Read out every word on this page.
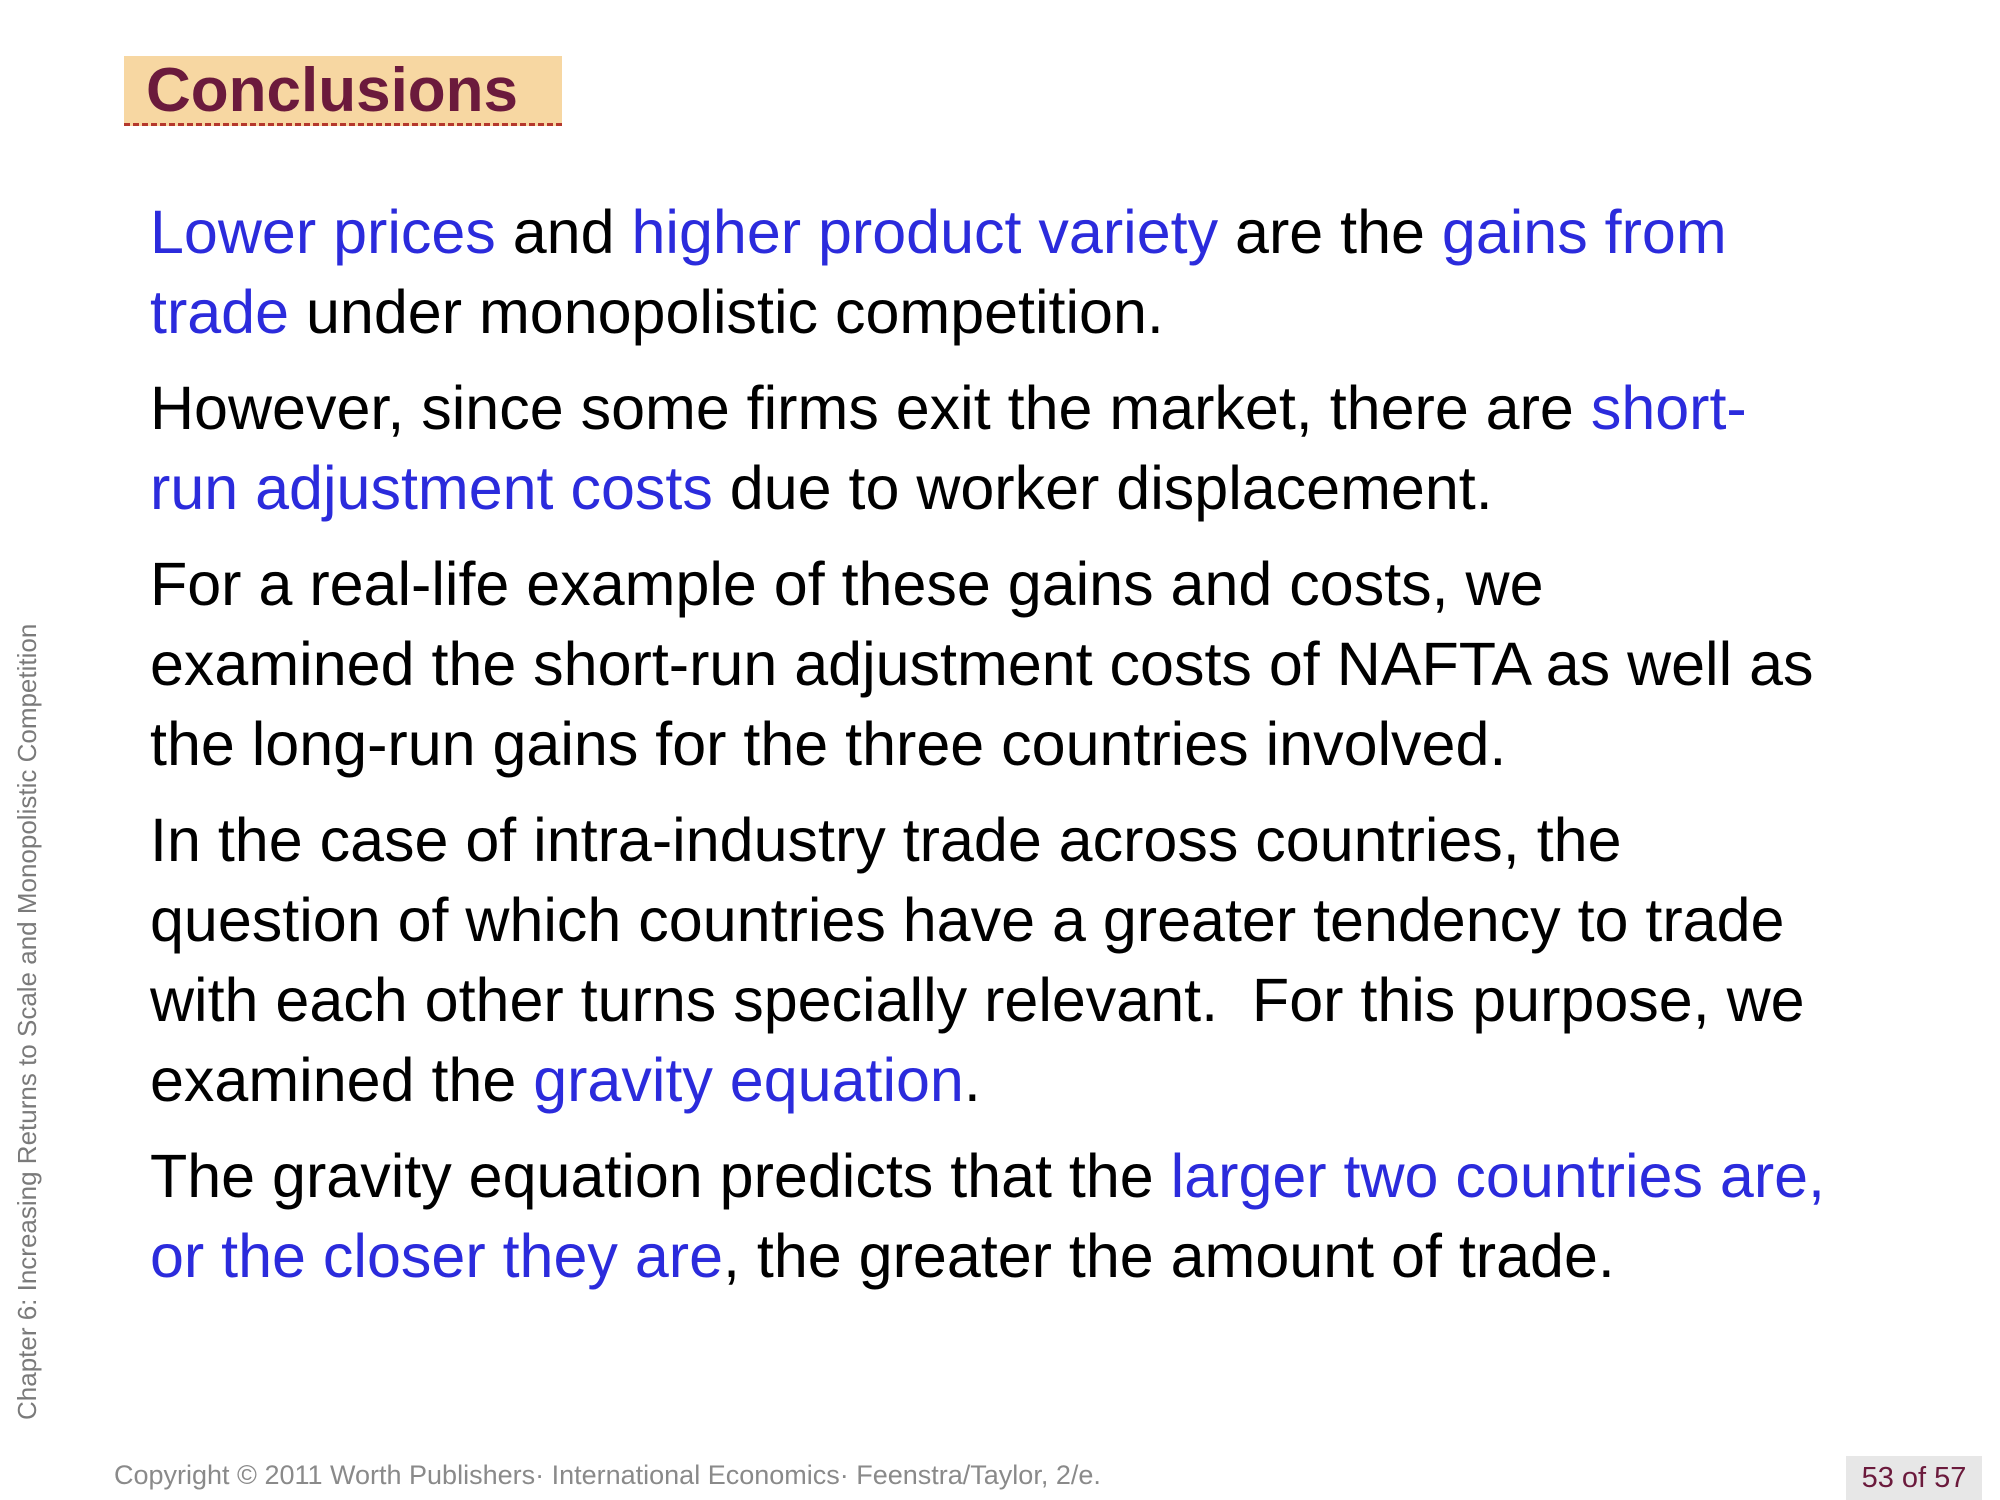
Conclusions
Chapter 6: Increasing Returns to Scale and Monopolistic Competition
Lower prices and higher product variety are the gains from
trade under monopolistic competition.
However, since some firms exit the market, there are short-
run adjustment costs due to worker displacement.
For a real-life example of these gains and costs, we
examined the short-run adjustment costs of NAFTA as well as
the long-run gains for the three countries involved.
In the case of intra-industry trade across countries, the
question of which countries have a greater tendency to trade
with each other turns specially relevant.  For this purpose, we
examined the gravity equation.
The gravity equation predicts that the larger two countries are,
or the closer they are, the greater the amount of trade.
Copyright © 2011 Worth Publishers· International Economics· Feenstra/Taylor, 2/e.	53 of 57
